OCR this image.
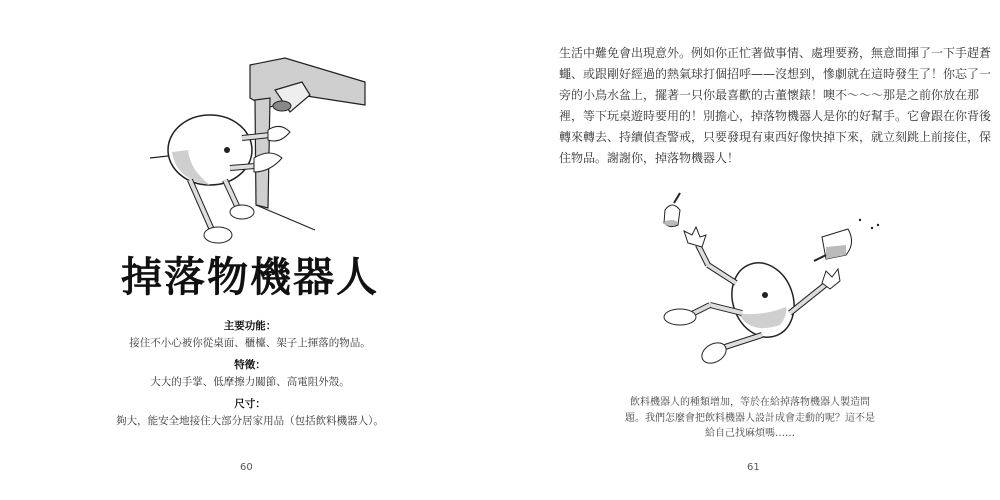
掉落物機器人
主要功能：
接住不小心被你從桌面、櫃檯、架子上揮落的物品。
特徵：
大大的手掌、低摩擦力關節、高電阻外殼。
尺寸：
夠大，能安全地接住大部分居家用品（包括飲料機器人）。
60
生活中難免會出現意外。例如你正忙著做事情、處理要務，無意間揮了一下手趕蒼
蠅、或跟剛好經過的熱氣球打個招呼——沒想到，慘劇就在這時發生了！你忘了一
旁的小鳥水盆上，擺著一只你最喜歡的古董懷錶！噢不～～～那是之前你放在那
裡，等下玩桌遊時要用的！別擔心，掉落物機器人是你的好幫手。它會跟在你背後
轉來轉去、持續偵查警戒，只要發現有東西好像快掉下來，就立刻跳上前接住，保
住物品。謝謝你，掉落物機器人！
飲料機器人的種類增加，等於在給掉落物機器人製造問
題。我們怎麼會把飲料機器人設計成會走動的呢？這不是
給自己找麻煩嗎……
61
